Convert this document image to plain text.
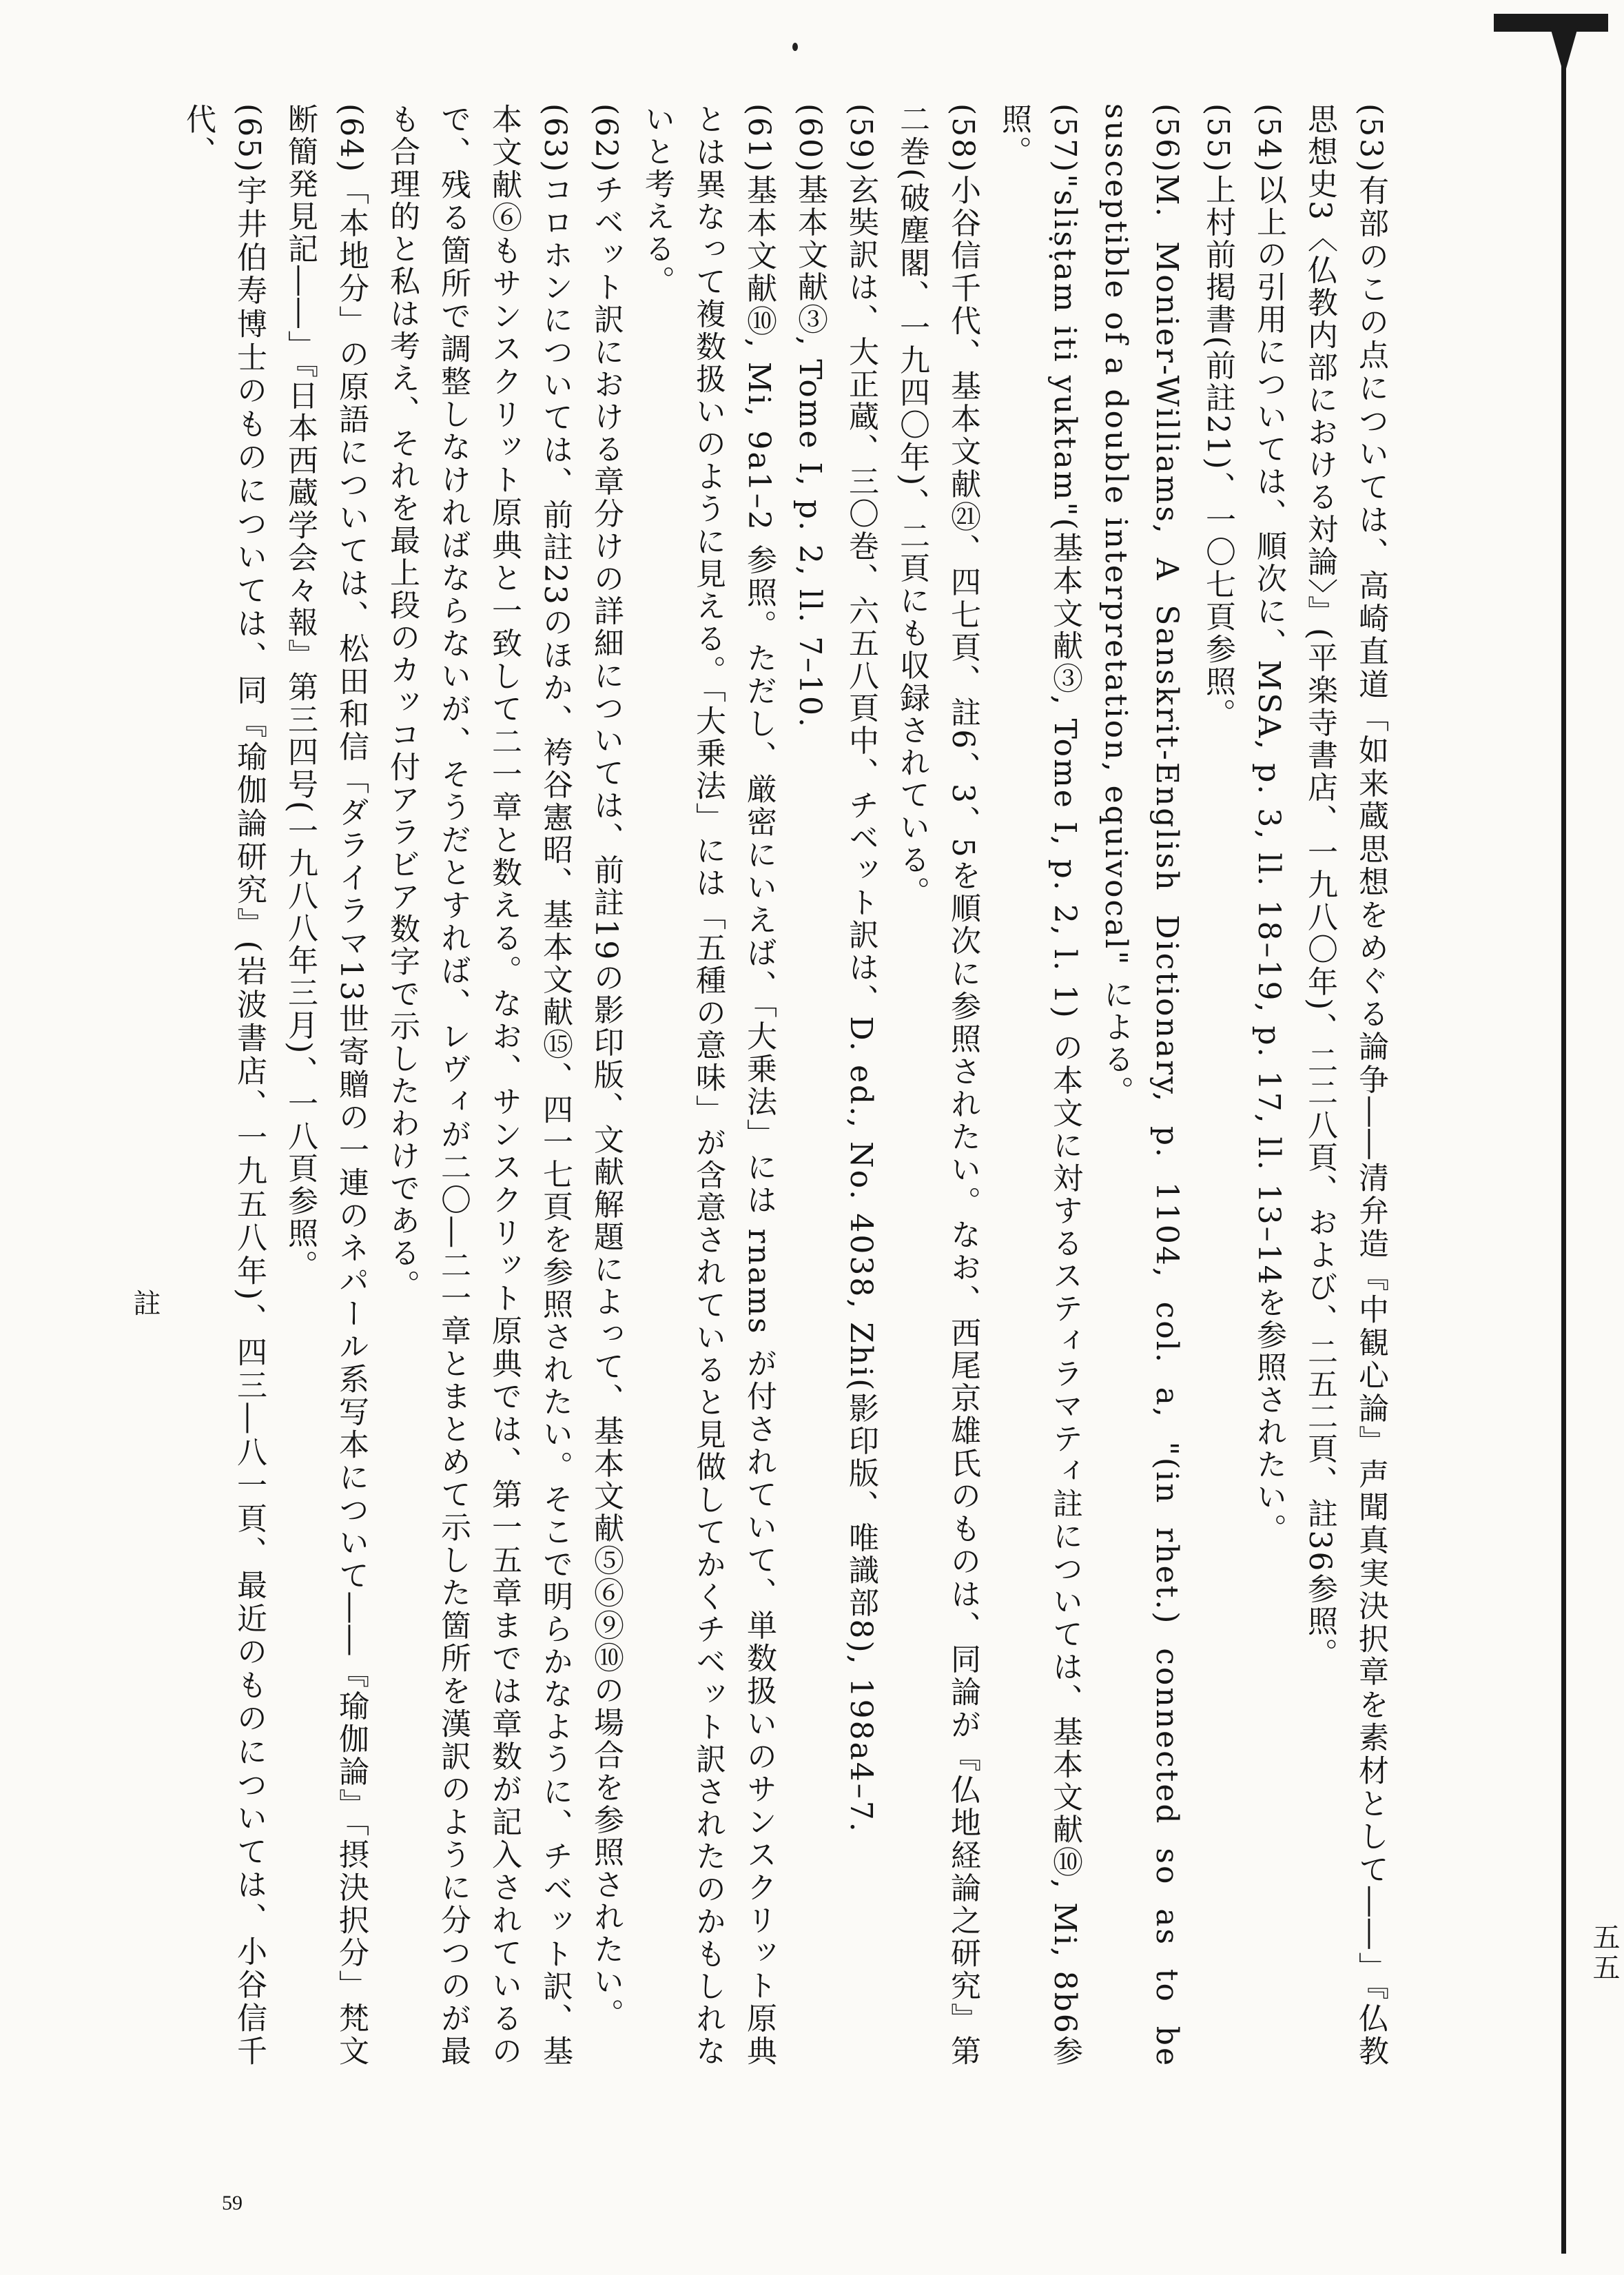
(53)有部のこの点については、高崎直道「如来蔵思想をめぐる論争――清弁造『中観心論』声聞真実決択章を素材として――」『仏教思想史3〈仏教内部における対論〉』(平楽寺書店、一九八〇年)、二二八頁、および、二五二頁、註36参照。

(54)以上の引用については、順次に、MSA, p. 3, ll. 18–19, p. 17, ll. 13–14を参照されたい。

(55)上村前掲書(前註21)、一〇七頁参照。

(56)M. Monier-Williams, A Sanskrit-English Dictionary, p. 1104, col. a, "(in rhet.) connected so as to be susceptible of a double interpretation, equivocal" による。

(57)"sliṣṭam iti yuktam"(基本文献③, Tome I, p. 2, l. 1) の本文に対するスティラマティ註については、基本文献⑩, Mi, 8b6参照。

(58)小谷信千代、基本文献㉑、四七頁、註6、3、5を順次に参照されたい。なお、西尾京雄氏のものは、同論が『仏地経論之研究』第二巻(破塵閣、一九四〇年)、二頁にも収録されている。

(59)玄奘訳は、大正蔵、三〇巻、六五八頁中、チベット訳は、D. ed., No. 4038, Zhi(影印版、唯識部8), 198a4–7.

(60)基本文献③, Tome I, p. 2, ll. 7–10.

(61)基本文献⑩, Mi, 9a1–2 参照。ただし、厳密にいえば、「大乗法」には rnams が付されていて、単数扱いのサンスクリット原典とは異なって複数扱いのように見える。「大乗法」には「五種の意味」が含意されていると見做してかくチベット訳されたのかもしれないと考える。

(62)チベット訳における章分けの詳細については、前註19の影印版、文献解題によって、基本文献⑤⑥⑨⑩の場合を参照されたい。

(63)コロホンについては、前註23のほか、袴谷憲昭、基本文献⑮、四一七頁を参照されたい。そこで明らかなように、チベット訳、基本文献⑥もサンスクリット原典と一致して二一章と数える。なお、サンスクリット原典では、第一五章までは章数が記入されているので、残る箇所で調整しなければならないが、そうだとすれば、レヴィが二〇―二一章とまとめて示した箇所を漢訳のように分つのが最も合理的と私は考え、それを最上段のカッコ付アラビア数字で示したわけである。

(64)「本地分」の原語については、松田和信「ダライラマ13世寄贈の一連のネパール系写本について――『瑜伽論』「摂決択分」梵文断簡発見記――」『日本西蔵学会々報』第三四号(一九八八年三月)、一八頁参照。

(65)宇井伯寿博士のものについては、同『瑜伽論研究』(岩波書店、一九五八年)、四三―八一頁、最近のものについては、小谷信千代、

五五
註
59
